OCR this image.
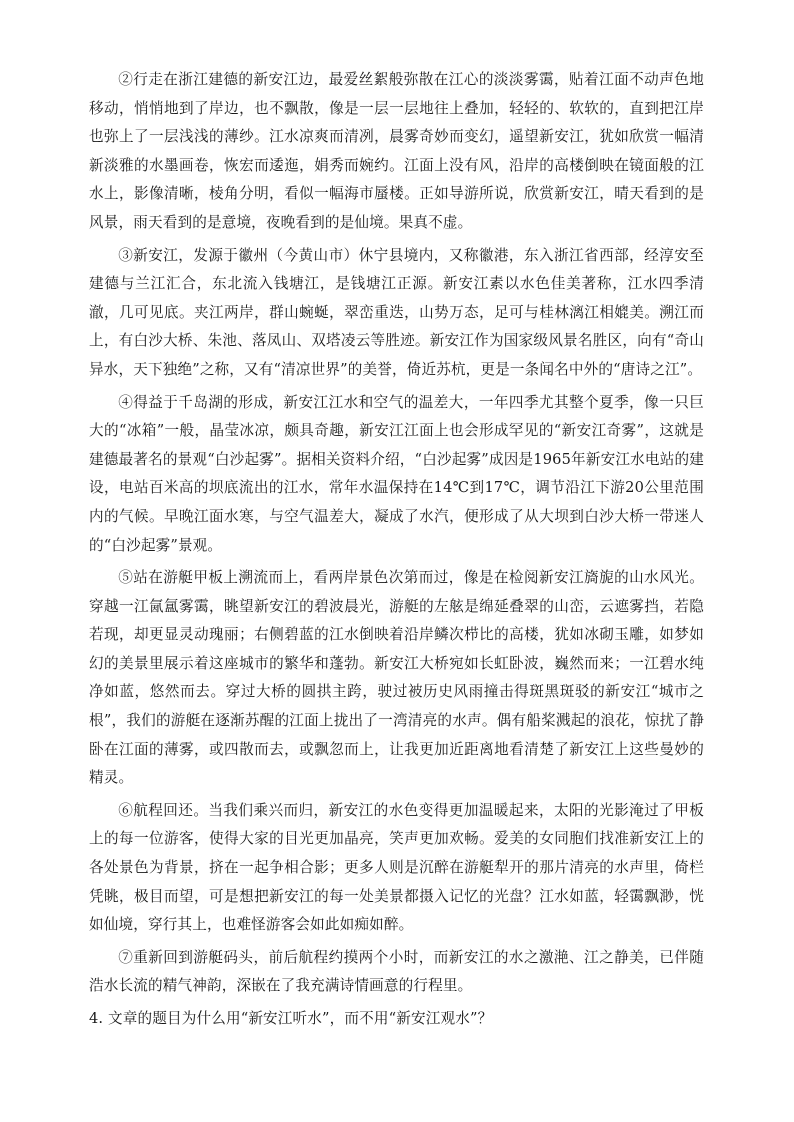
②行走在浙江建德的新安江边，最爱丝絮般弥散在江心的淡淡雾霭，贴着江面不动声色地移动，悄悄地到了岸边，也不飘散，像是一层一层地往上叠加，轻轻的、软软的，直到把江岸也弥上了一层浅浅的薄纱。江水凉爽而清冽，晨雾奇妙而变幻，遥望新安江，犹如欣赏一幅清新淡雅的水墨画卷，恢宏而逶迤，娟秀而婉约。江面上没有风，沿岸的高楼倒映在镜面般的江水上，影像清晰，棱角分明，看似一幅海市蜃楼。正如导游所说，欣赏新安江，晴天看到的是风景，雨天看到的是意境，夜晚看到的是仙境。果真不虚。

③新安江，发源于徽州（今黄山市）休宁县境内，又称徽港，东入浙江省西部，经淳安至建德与兰江汇合，东北流入钱塘江，是钱塘江正源。新安江素以水色佳美著称，江水四季清澈，几可见底。夹江两岸，群山蜿蜒，翠峦重迭，山势万态，足可与桂林漓江相媲美。溯江而上，有白沙大桥、朱池、落凤山、双塔凌云等胜迹。新安江作为国家级风景名胜区，向有“奇山异水，天下独绝”之称，又有“清凉世界”的美誉，倚近苏杭，更是一条闻名中外的“唐诗之江”。

④得益于千岛湖的形成，新安江江水和空气的温差大，一年四季尤其整个夏季，像一只巨大的“冰箱”一般，晶莹冰凉，颇具奇趣，新安江江面上也会形成罕见的“新安江奇雾”，这就是建德最著名的景观“白沙起雾”。据相关资料介绍，“白沙起雾”成因是1965年新安江水电站的建设，电站百米高的坝底流出的江水，常年水温保持在14℃到17℃，调节沿江下游20公里范围内的气候。早晚江面水寒，与空气温差大，凝成了水汽，便形成了从大坝到白沙大桥一带迷人的“白沙起雾”景观。

⑤站在游艇甲板上溯流而上，看两岸景色次第而过，像是在检阅新安江旖旎的山水风光。穿越一江氤氲雾霭，眺望新安江的碧波晨光，游艇的左舷是绵延叠翠的山峦，云遮雾挡，若隐若现，却更显灵动瑰丽；右侧碧蓝的江水倒映着沿岸鳞次栉比的高楼，犹如冰砌玉雕，如梦如幻的美景里展示着这座城市的繁华和蓬勃。新安江大桥宛如长虹卧波，巍然而来；一江碧水纯净如蓝，悠然而去。穿过大桥的圆拱主跨，驶过被历史风雨撞击得斑黑斑驳的新安江“城市之根”，我们的游艇在逐渐苏醒的江面上拢出了一湾清亮的水声。偶有船桨溅起的浪花，惊扰了静卧在江面的薄雾，或四散而去，或飘忽而上，让我更加近距离地看清楚了新安江上这些曼妙的精灵。

⑥航程回还。当我们乘兴而归，新安江的水色变得更加温暖起来，太阳的光影淹过了甲板上的每一位游客，使得大家的目光更加晶亮，笑声更加欢畅。爱美的女同胞们找准新安江上的各处景色为背景，挤在一起争相合影；更多人则是沉醉在游艇犁开的那片清亮的水声里，倚栏凭眺，极目而望，可是想把新安江的每一处美景都摄入记忆的光盘？江水如蓝，轻霭飘渺，恍如仙境，穿行其上，也难怪游客会如此如痴如醉。

⑦重新回到游艇码头，前后航程约摸两个小时，而新安江的水之激滟、江之静美，已伴随浩水长流的精气神韵，深嵌在了我充满诗情画意的行程里。

4. 文章的题目为什么用“新安江听水”，而不用“新安江观水”？
